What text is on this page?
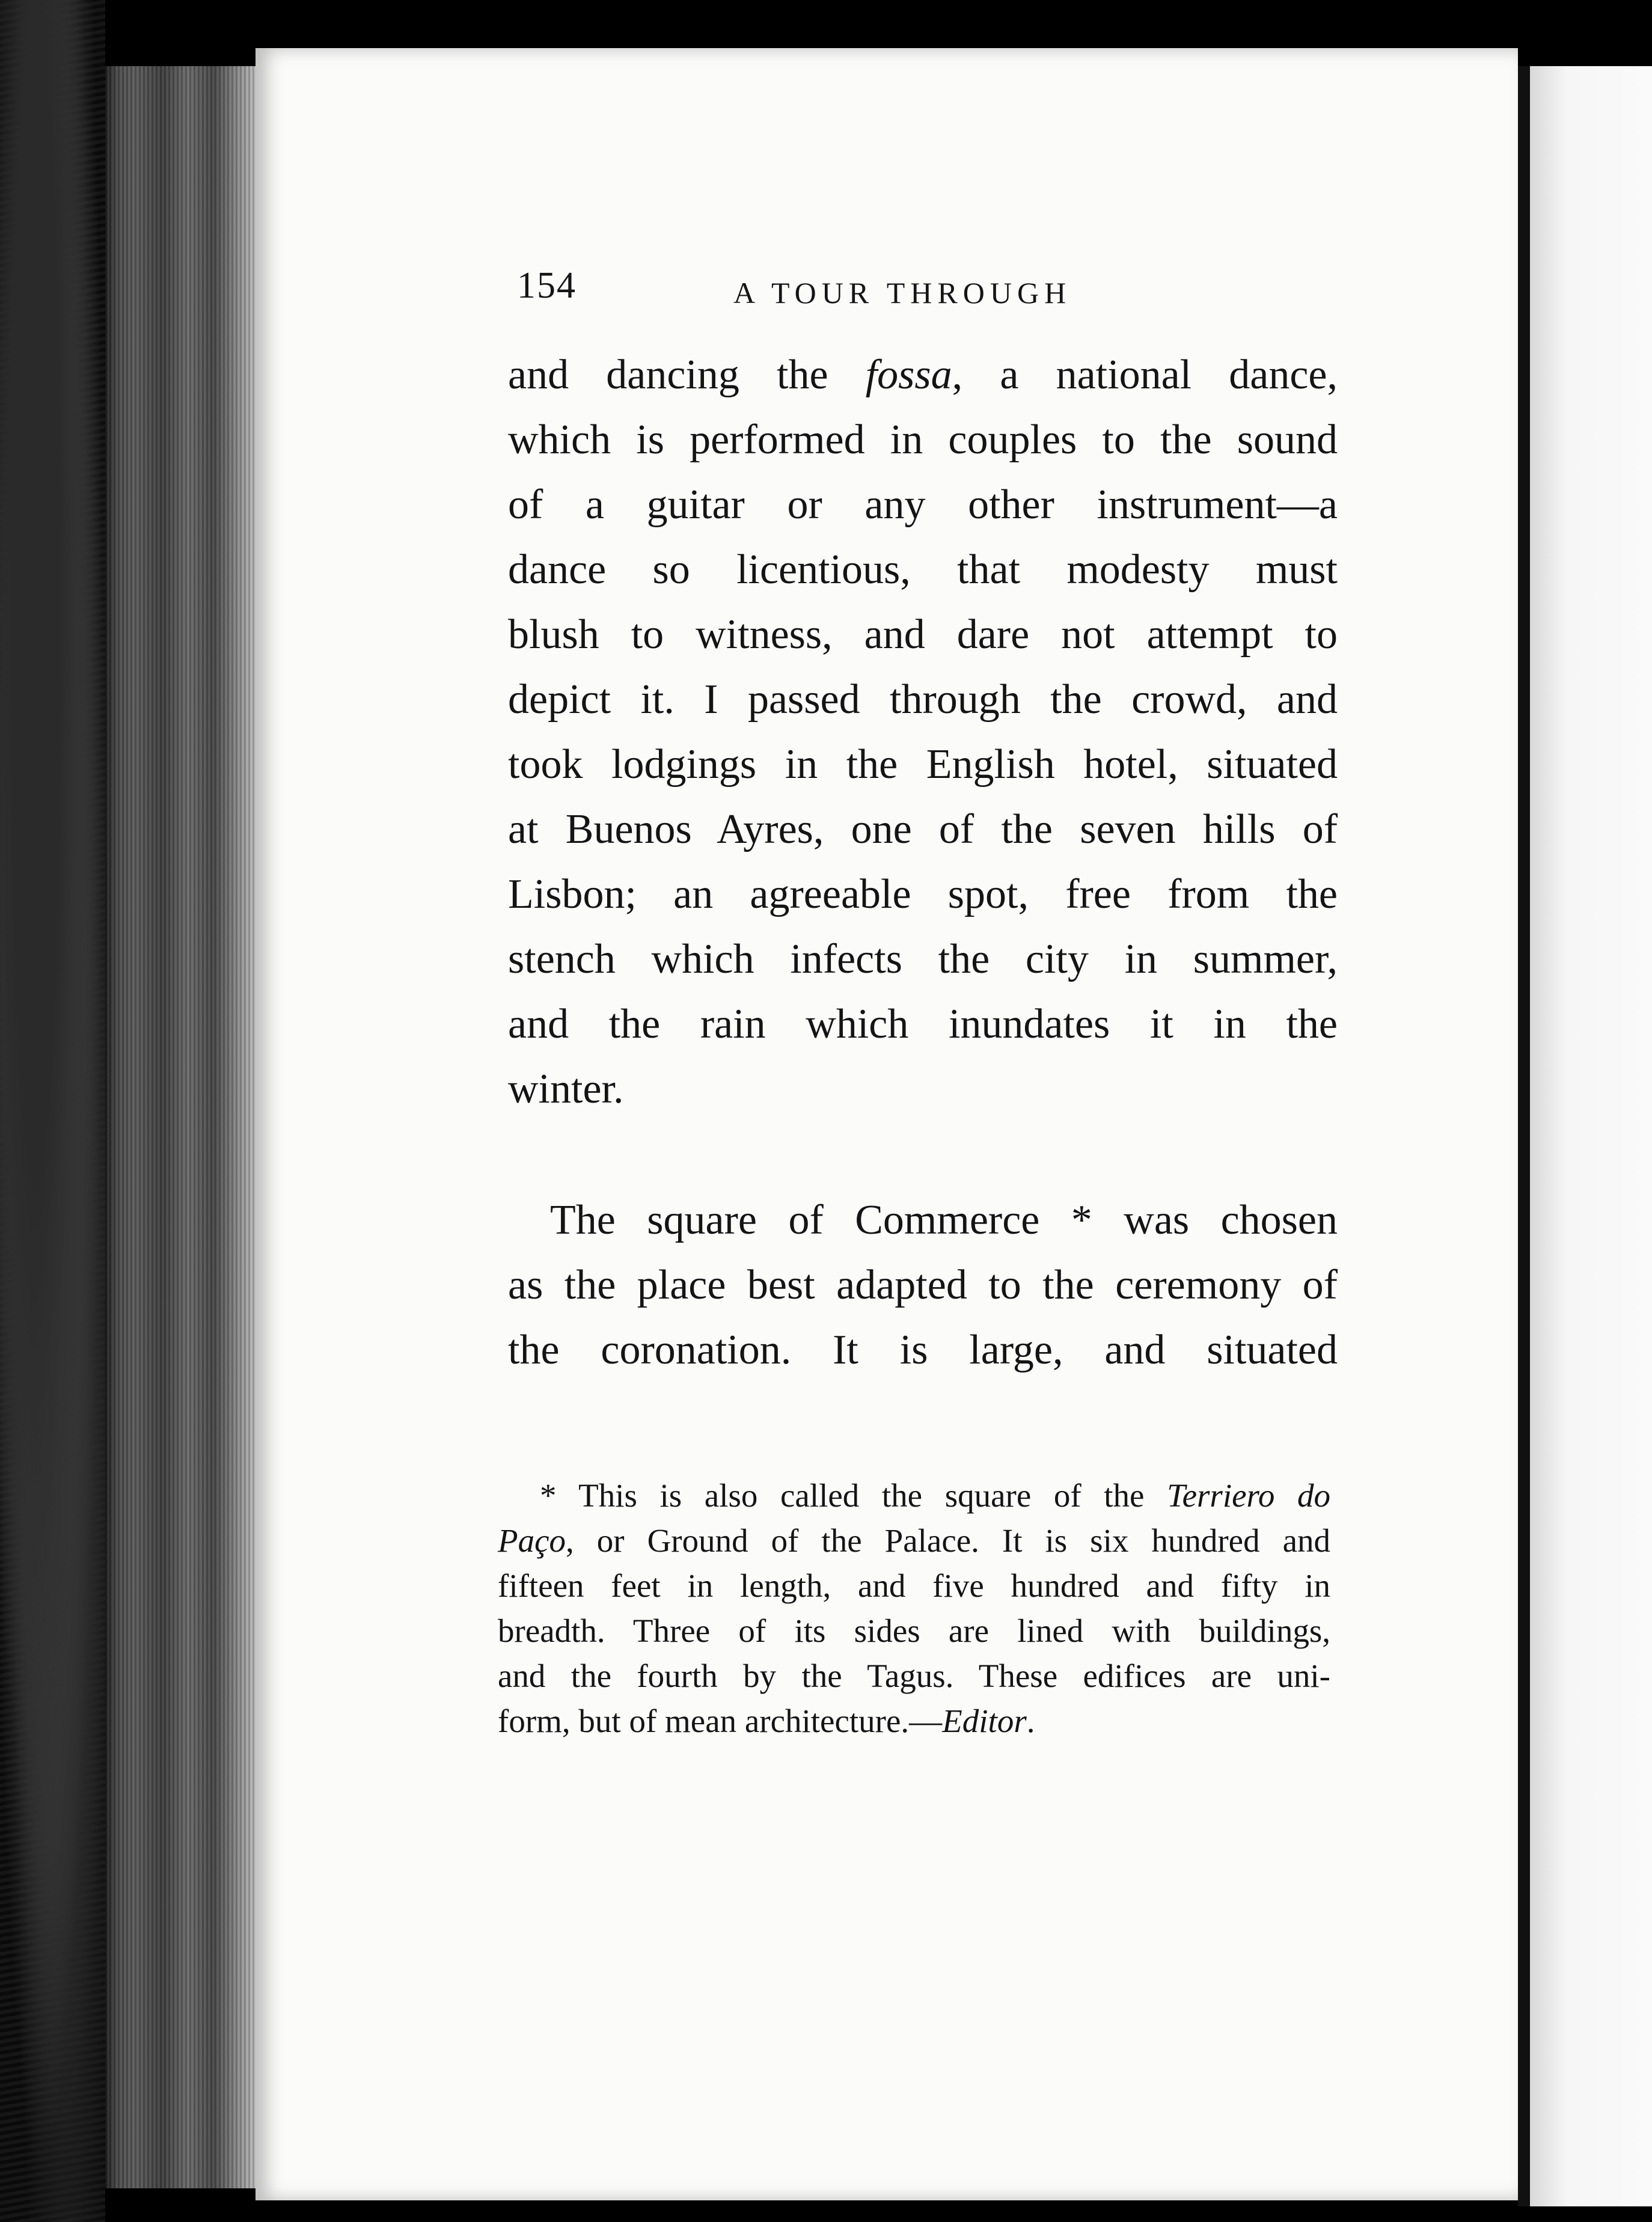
154	A TOUR THROUGH
and dancing the fossa, a national dance,
which is performed in couples to the sound
of a guitar or any other instrument—a
dance so licentious, that modesty must
blush to witness, and dare not attempt to
depict it. I passed through the crowd, and
took lodgings in the English hotel, situated
at Buenos Ayres, one of the seven hills of
Lisbon; an agreeable spot, free from the
stench which infects the city in summer,
and the rain which inundates it in the
winter.
The square of Commerce * was chosen
as the place best adapted to the ceremony of
the coronation. It is large, and situated
* This is also called the square of the Terriero do
Paço, or Ground of the Palace. It is six hundred and
fifteen feet in length, and five hundred and fifty in
breadth. Three of its sides are lined with buildings,
and the fourth by the Tagus. These edifices are uni-
form, but of mean architecture.—Editor.
